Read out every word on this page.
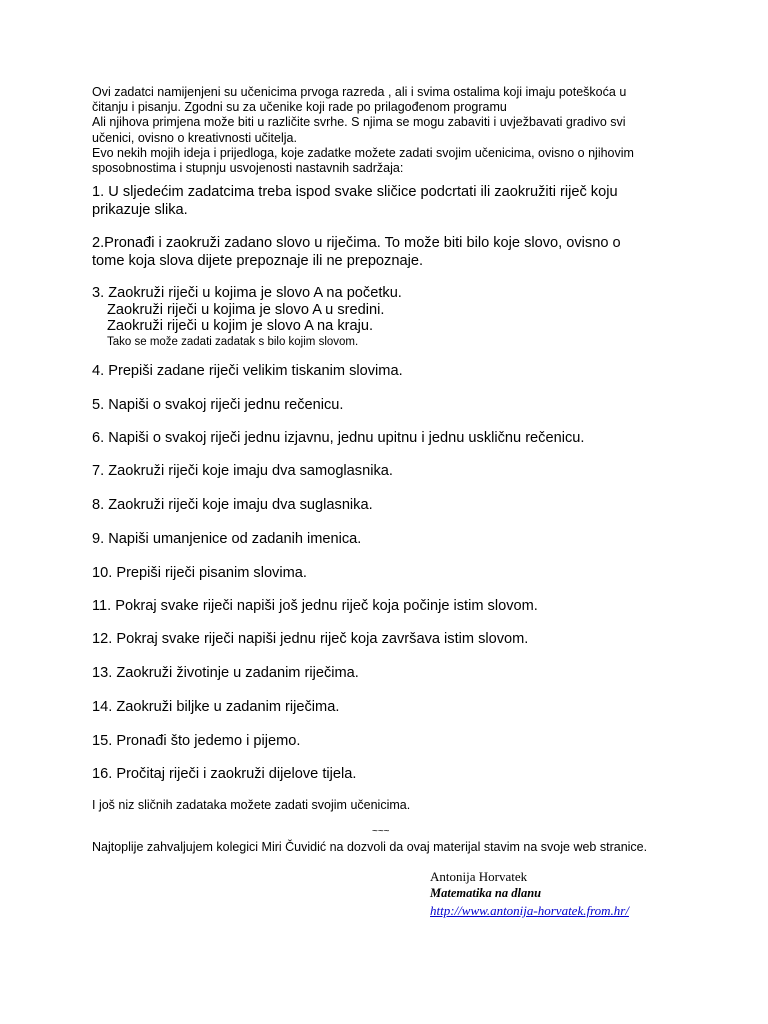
Ovi zadatci namijenjeni su učenicima prvoga razreda , ali i svima ostalima koji imaju poteškoća u
čitanju i pisanju. Zgodni su za učenike koji rade po prilagođenom programu
Ali njihova primjena može biti u različite svrhe. S njima se mogu zabaviti i uvježbavati gradivo svi
učenici, ovisno o kreativnosti učitelja.
Evo nekih mojih ideja i prijedloga, koje zadatke možete zadati svojim učenicima, ovisno o njihovim
sposobnostima i stupnju usvojenosti nastavnih sadržaja:
1. U sljedećim zadatcima treba ispod svake sličice podcrtati ili zaokružiti riječ koju
prikazuje slika.
2.Pronađi i zaokruži zadano slovo u riječima. To može biti bilo koje slovo, ovisno o
tome koja slova dijete prepoznaje ili ne prepoznaje.
3. Zaokruži riječi u kojima je slovo A na početku.
Zaokruži riječi u kojima je slovo A u sredini.
Zaokruži riječi u kojim je slovo A na kraju.
Tako se može zadati zadatak s bilo kojim slovom.
4. Prepiši zadane riječi velikim tiskanim slovima.
5. Napiši o svakoj riječi jednu rečenicu.
6. Napiši o svakoj riječi jednu izjavnu, jednu upitnu i jednu uskličnu rečenicu.
7. Zaokruži riječi koje imaju dva samoglasnika.
8. Zaokruži riječi koje imaju dva suglasnika.
9. Napiši umanjenice od zadanih imenica.
10. Prepiši riječi pisanim slovima.
11. Pokraj svake riječi napiši još jednu riječ koja počinje istim slovom.
12. Pokraj svake riječi napiši jednu riječ koja završava istim slovom.
13. Zaokruži životinje u zadanim riječima.
14. Zaokruži biljke u zadanim riječima.
15. Pronađi što jedemo i pijemo.
16. Pročitaj riječi i zaokruži dijelove tijela.
I još niz sličnih zadataka možete zadati svojim učenicima.
~~~
Najtoplije zahvaljujem kolegici Miri Čuvidić na dozvoli da ovaj materijal stavim na svoje web stranice.
Antonija Horvatek
Matematika na dlanu
http://www.antonija-horvatek.from.hr/
